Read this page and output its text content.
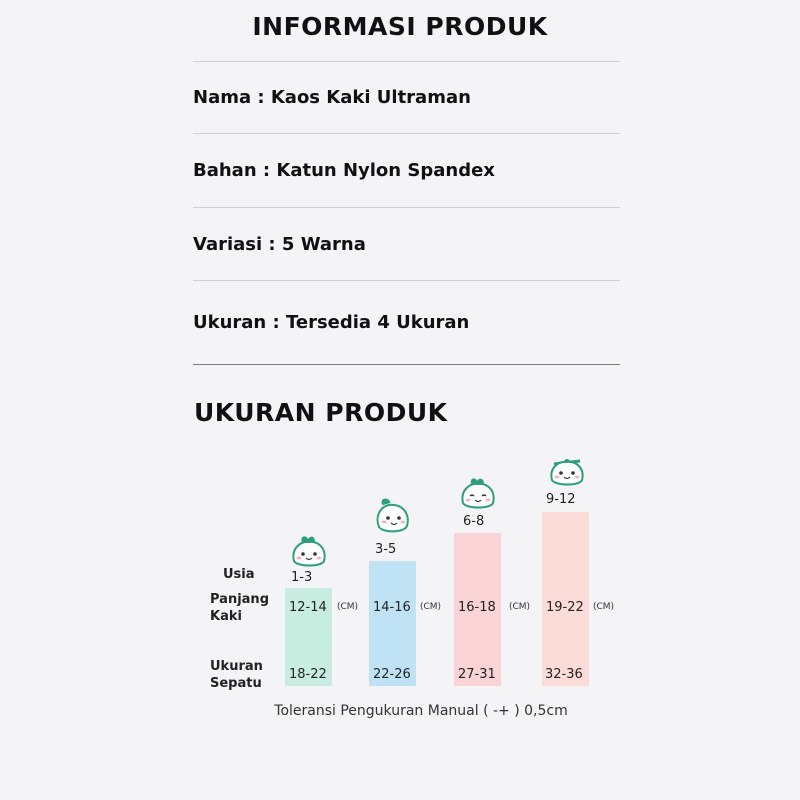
INFORMASI PRODUK
Nama : Kaos Kaki Ultraman
Bahan : Katun Nylon Spandex
Variasi : 5 Warna
Ukuran : Tersedia 4 Ukuran
UKURAN PRODUK
Usia
Panjang
Kaki
Ukuran
Sepatu
1-3
12-14 (CM)
18-22
3-5
14-16 (CM)
22-26
6-8
16-18 (CM)
27-31
9-12
19-22 (CM)
32-36
Toleransi Pengukuran Manual ( -+ ) 0,5cm
